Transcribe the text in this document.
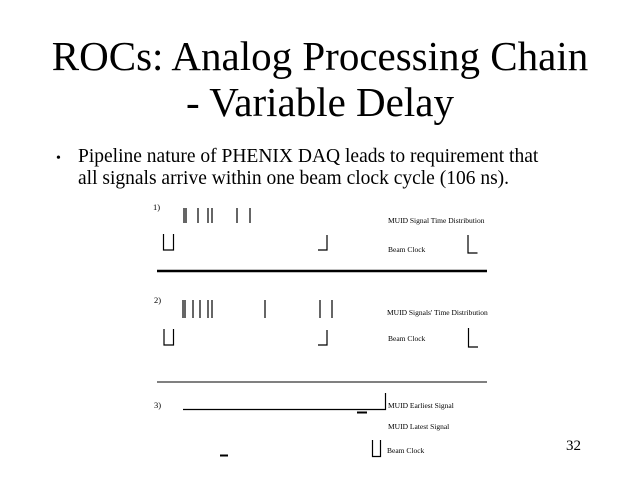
ROCs: Analog Processing Chain
- Variable Delay
• Pipeline nature of PHENIX DAQ leads to requirement that
all signals arrive within one beam clock cycle (106 ns).
1)
MUID Signal Time Distribution
Beam Clock
2)
MUID Signals' Time Distribution
Beam Clock
3)	MUID Earliest Signal
MUID Latest Signal
Beam Clock	32
